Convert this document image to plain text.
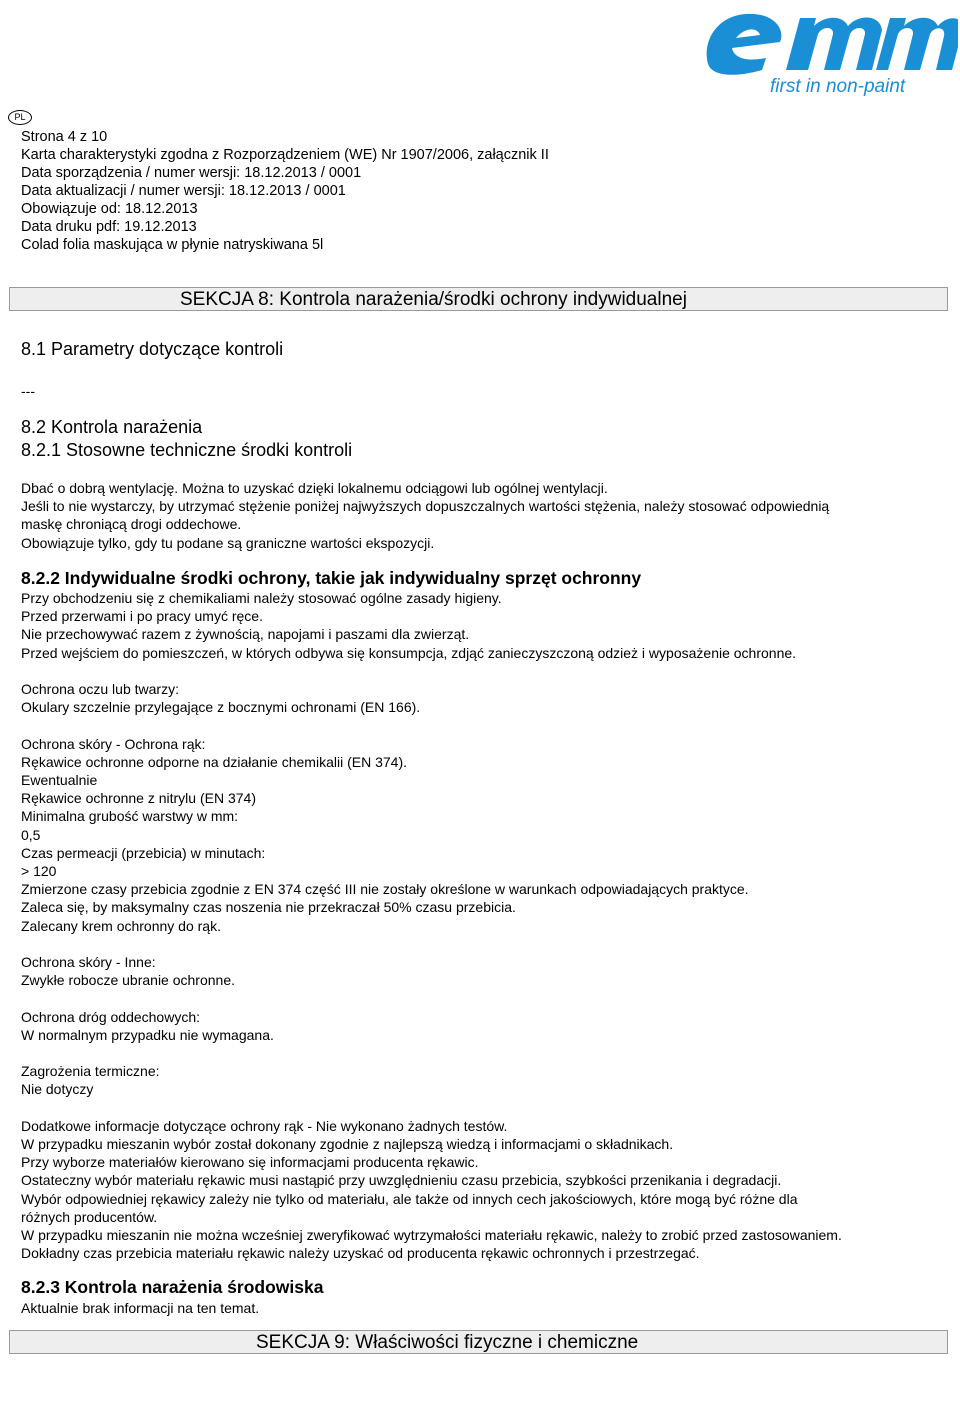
first in non-paint
PL
Strona 4 z 10
Karta charakterystyki zgodna z Rozporządzeniem (WE) Nr 1907/2006, załącznik II
Data sporządzenia / numer wersji: 18.12.2013 / 0001
Data aktualizacji / numer wersji: 18.12.2013 / 0001
Obowiązuje od: 18.12.2013
Data druku pdf: 19.12.2013
Colad folia maskująca w płynie natryskiwana 5l
SEKCJA 8: Kontrola narażenia/środki ochrony indywidualnej
8.1 Parametry dotyczące kontroli
---
8.2 Kontrola narażenia
8.2.1 Stosowne techniczne środki kontroli
Dbać o dobrą wentylację. Można to uzyskać dzięki lokalnemu odciągowi lub ogólnej wentylacji.
Jeśli to nie wystarczy, by utrzymać stężenie poniżej najwyższych dopuszczalnych wartości stężenia, należy stosować odpowiednią
maskę chroniącą drogi oddechowe.
Obowiązuje tylko, gdy tu podane są graniczne wartości ekspozycji.
8.2.2 Indywidualne środki ochrony, takie jak indywidualny sprzęt ochronny
Przy obchodzeniu się z chemikaliami należy stosować ogólne zasady higieny.
Przed przerwami i po pracy umyć ręce.
Nie przechowywać razem z żywnością, napojami i paszami dla zwierząt.
Przed wejściem do pomieszczeń, w których odbywa się konsumpcja, zdjąć zanieczyszczoną odzież i wyposażenie ochronne.
Ochrona oczu lub twarzy:
Okulary szczelnie przylegające z bocznymi ochronami (EN 166).
Ochrona skóry - Ochrona rąk:
Rękawice ochronne odporne na działanie chemikalii (EN 374).
Ewentualnie
Rękawice ochronne z nitrylu (EN 374)
Minimalna grubość warstwy w mm:
0,5
Czas permeacji (przebicia) w minutach:
> 120
Zmierzone czasy przebicia zgodnie z EN 374 część III nie zostały określone w warunkach odpowiadających praktyce.
Zaleca się, by maksymalny czas noszenia nie przekraczał 50% czasu przebicia.
Zalecany krem ochronny do rąk.
Ochrona skóry - Inne:
Zwykłe robocze ubranie ochronne.
Ochrona dróg oddechowych:
W normalnym przypadku nie wymagana.
Zagrożenia termiczne:
Nie dotyczy
Dodatkowe informacje dotyczące ochrony rąk - Nie wykonano żadnych testów.
W przypadku mieszanin wybór został dokonany zgodnie z najlepszą wiedzą i informacjami o składnikach.
Przy wyborze materiałów kierowano się informacjami producenta rękawic.
Ostateczny wybór materiału rękawic musi nastąpić przy uwzględnieniu czasu przebicia, szybkości przenikania i degradacji.
Wybór odpowiedniej rękawicy zależy nie tylko od materiału, ale także od innych cech jakościowych, które mogą być różne dla
różnych producentów.
W przypadku mieszanin nie można wcześniej zweryfikować wytrzymałości materiału rękawic, należy to zrobić przed zastosowaniem.
Dokładny czas przebicia materiału rękawic należy uzyskać od producenta rękawic ochronnych i przestrzegać.
8.2.3 Kontrola narażenia środowiska
Aktualnie brak informacji na ten temat.
SEKCJA 9: Właściwości fizyczne i chemiczne
